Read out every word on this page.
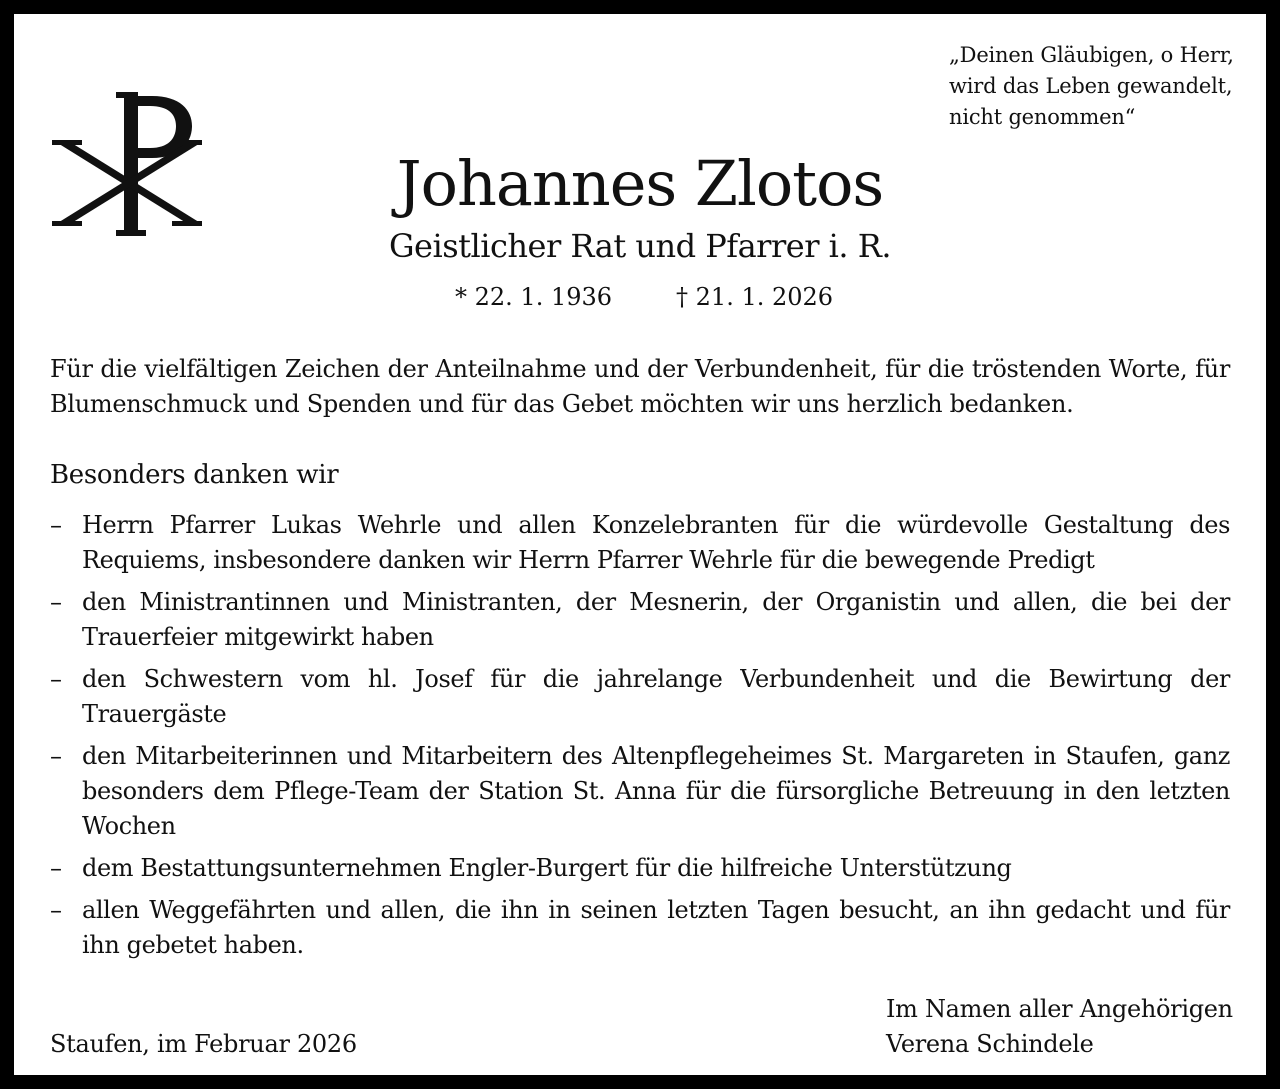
„Deinen Gläubigen, o Herr,
wird das Leben gewandelt,
nicht genommen“
Johannes Zlotos
Geistlicher Rat und Pfarrer i. R.
* 22. 1. 1936	† 21. 1. 2026
Für die vielfältigen Zeichen der Anteilnahme und der Verbundenheit, für die tröstenden Worte, für Blumenschmuck und Spenden und für das Gebet möchten wir uns herzlich bedanken.
Besonders danken wir
– Herrn Pfarrer Lukas Wehrle und allen Konzelebranten für die würdevolle Gestaltung des Requiems, insbesondere danken wir Herrn Pfarrer Wehrle für die bewegende Predigt
– den Ministrantinnen und Ministranten, der Mesnerin, der Organistin und allen, die bei der Trauerfeier mitgewirkt haben
– den Schwestern vom hl. Josef für die jahrelange Verbundenheit und die Bewirtung der Trauergäste
– den Mitarbeiterinnen und Mitarbeitern des Altenpflegeheimes St. Margareten in Staufen, ganz besonders dem Pflege-Team der Station St. Anna für die fürsorgliche Betreuung in den letzten Wochen
– dem Bestattungsunternehmen Engler-Burgert für die hilfreiche Unterstützung
– allen Weggefährten und allen, die ihn in seinen letzten Tagen besucht, an ihn gedacht und für ihn gebetet haben.
Im Namen aller Angehörigen
Verena Schindele
Staufen, im Februar 2026
